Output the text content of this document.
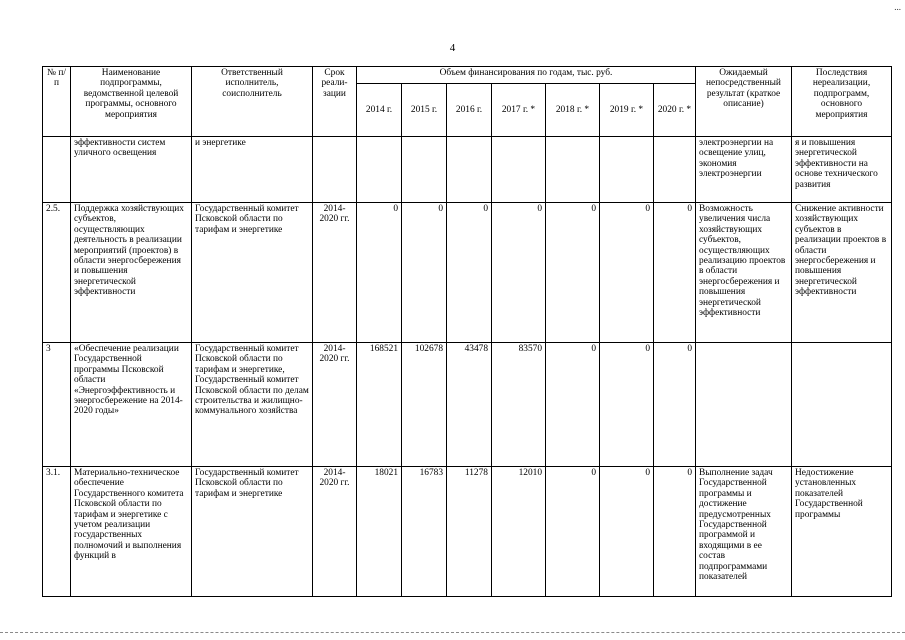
...
4
№ п/п	Наименование подпрограммы, ведомственной целевой программы, основного мероприятия	Ответственный исполнитель, соисполнитель	Срок реали-зации	Объем финансирования по годам, тыс. руб.							Ожидаемый непосредственный результат (краткое описание)	Последствия нереализации, подпрограмм, основного мероприятия
				2014 г.	2015 г.	2016 г.	2017 г. *	2018 г. *	2019 г. *	2020 г. *		
	эффективности систем уличного освещения	и энергетике									электроэнергии на освещение улиц, экономия электроэнергии	я и повышения энергетической эффективности на основе технического развития
2.5.	Поддержка хозяйствующих субъектов, осуществляющих деятельность в реализации мероприятий (проектов) в области энергосбережения и повышения энергетической эффективности	Государственный комитет Псковской области по тарифам и энергетике	2014-2020 гг.	0	0	0	0	0	0	0	Возможность увеличения числа хозяйствующих субъектов, осуществляющих реализацию проектов в области энергосбережения и повышения энергетической эффективности	Снижение активности хозяйствующих субъектов в реализации проектов в области энергосбережения и повышения энергетической эффективности
3	«Обеспечение реализации Государственной программы Псковской области «Энергоэффективность и энергосбережение на 2014-2020 годы»	Государственный комитет Псковской области по тарифам и энергетике, Государственный комитет Псковской области по делам строительства и жилищно-коммунального хозяйства	2014-2020 гг.	168521	102678	43478	83570	0	0	0		
3.1.	Материально-техническое обеспечение Государственного комитета Псковской области по тарифам и энергетике с учетом реализации государственных полномочий и выполнения функций в	Государственный комитет Псковской области по тарифам и энергетике	2014-2020 гг.	18021	16783	11278	12010	0	0	0	Выполнение задач Государственной программы и достижение предусмотренных Государственной программой и входящими в ее состав подпрограммами показателей	Недостижение установленных показателей Государственной программы
